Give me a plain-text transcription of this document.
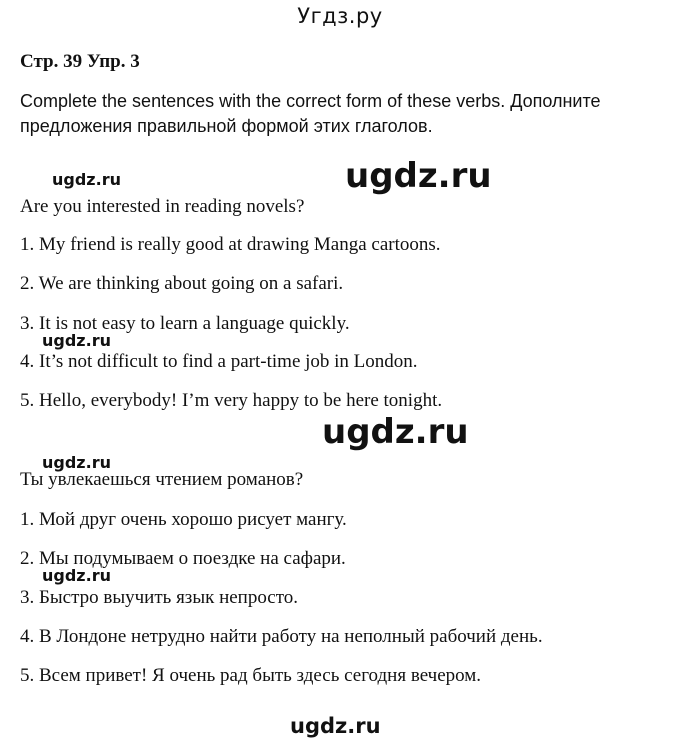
Угдз.ру
Стр. 39 Упр. 3
Complete the sentences with the correct form of these verbs. Дополните предложения правильной формой этих глаголов.
ugdz.ru	ugdz.ru
Are you interested in reading novels?
1. My friend is really good at drawing Manga cartoons.
2. We are thinking about going on a safari.
3. It is not easy to learn a language quickly.
ugdz.ru
4. It’s not difficult to find a part-time job in London.
5. Hello, everybody! I’m very happy to be here tonight.
ugdz.ru
ugdz.ru
Ты увлекаешься чтением романов?
1. Мой друг очень хорошо рисует мангу.
2. Мы подумываем о поездке на сафари.
ugdz.ru
3. Быстро выучить язык непросто.
4. В Лондоне нетрудно найти работу на неполный рабочий день.
5. Всем привет! Я очень рад быть здесь сегодня вечером.
ugdz.ru
